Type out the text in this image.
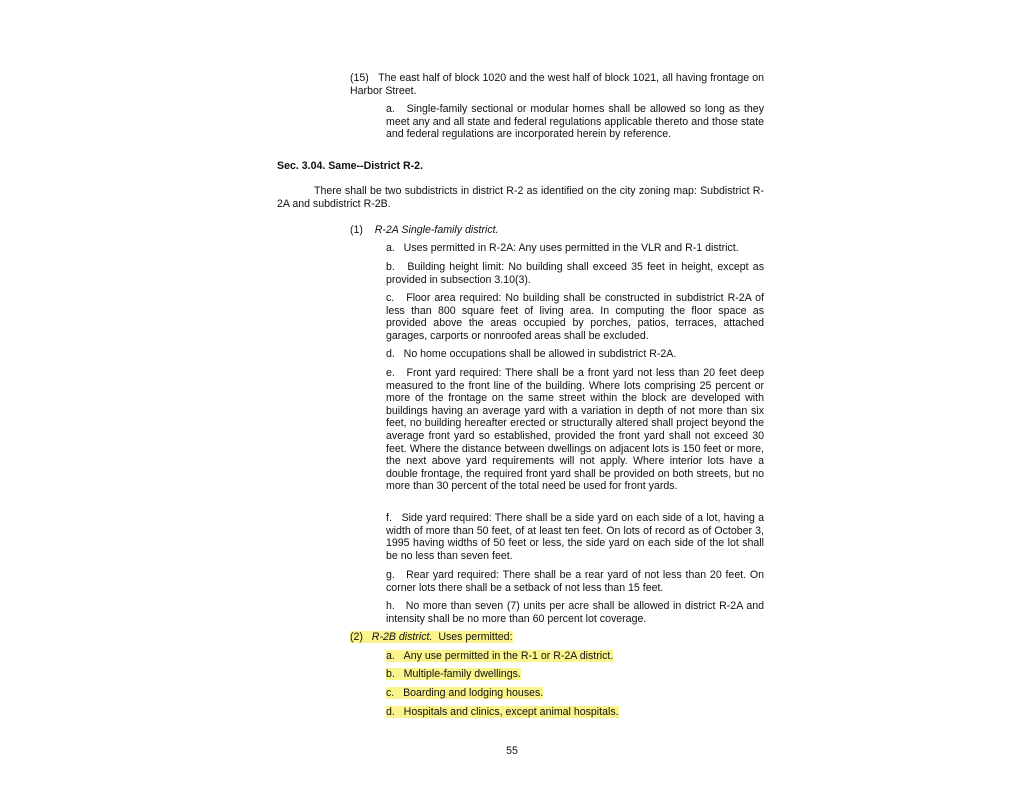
(15)   The east half of block 1020 and the west half of block 1021, all having frontage on Harbor Street.

a.   Single-family sectional or modular homes shall be allowed so long as they meet any and all state and federal regulations applicable thereto and those state and federal regulations are incorporated herein by reference.

Sec. 3.04. Same--District R-2.

There shall be two subdistricts in district R-2 as identified on the city zoning map: Subdistrict R-2A and subdistrict R-2B.

(1) R-2A Single-family district.

a.   Uses permitted in R-2A: Any uses permitted in the VLR and R-1 district.

b.   Building height limit: No building shall exceed 35 feet in height, except as provided in subsection 3.10(3).

c.   Floor area required: No building shall be constructed in subdistrict R-2A of less than 800 square feet of living area. In computing the floor space as provided above the areas occupied by porches, patios, terraces, attached garages, carports or nonroofed areas shall be excluded.

d.   No home occupations shall be allowed in subdistrict R-2A.

e.   Front yard required: There shall be a front yard not less than 20 feet deep measured to the front line of the building. Where lots comprising 25 percent or more of the frontage on the same street within the block are developed with buildings having an average yard with a variation in depth of not more than six feet, no building hereafter erected or structurally altered shall project beyond the average front yard so established, provided the front yard shall not exceed 30 feet. Where the distance between dwellings on adjacent lots is 150 feet or more, the next above yard requirements will not apply. Where interior lots have a double frontage, the required front yard shall be provided on both streets, but no more than 30 percent of the total need be used for front yards.

f.   Side yard required: There shall be a side yard on each side of a lot, having a width of more than 50 feet, of at least ten feet. On lots of record as of October 3, 1995 having widths of 50 feet or less, the side yard on each side of the lot shall be no less than seven feet.

g.   Rear yard required: There shall be a rear yard of not less than 20 feet. On corner lots there shall be a setback of not less than 15 feet.

h.   No more than seven (7) units per acre shall be allowed in district R-2A and intensity shall be no more than 60 percent lot coverage.

(2) R-2B district. Uses permitted:
a.   Any use permitted in the R-1 or R-2A district.
b.   Multiple-family dwellings.
c.   Boarding and lodging houses.
d.   Hospitals and clinics, except animal hospitals.
55
